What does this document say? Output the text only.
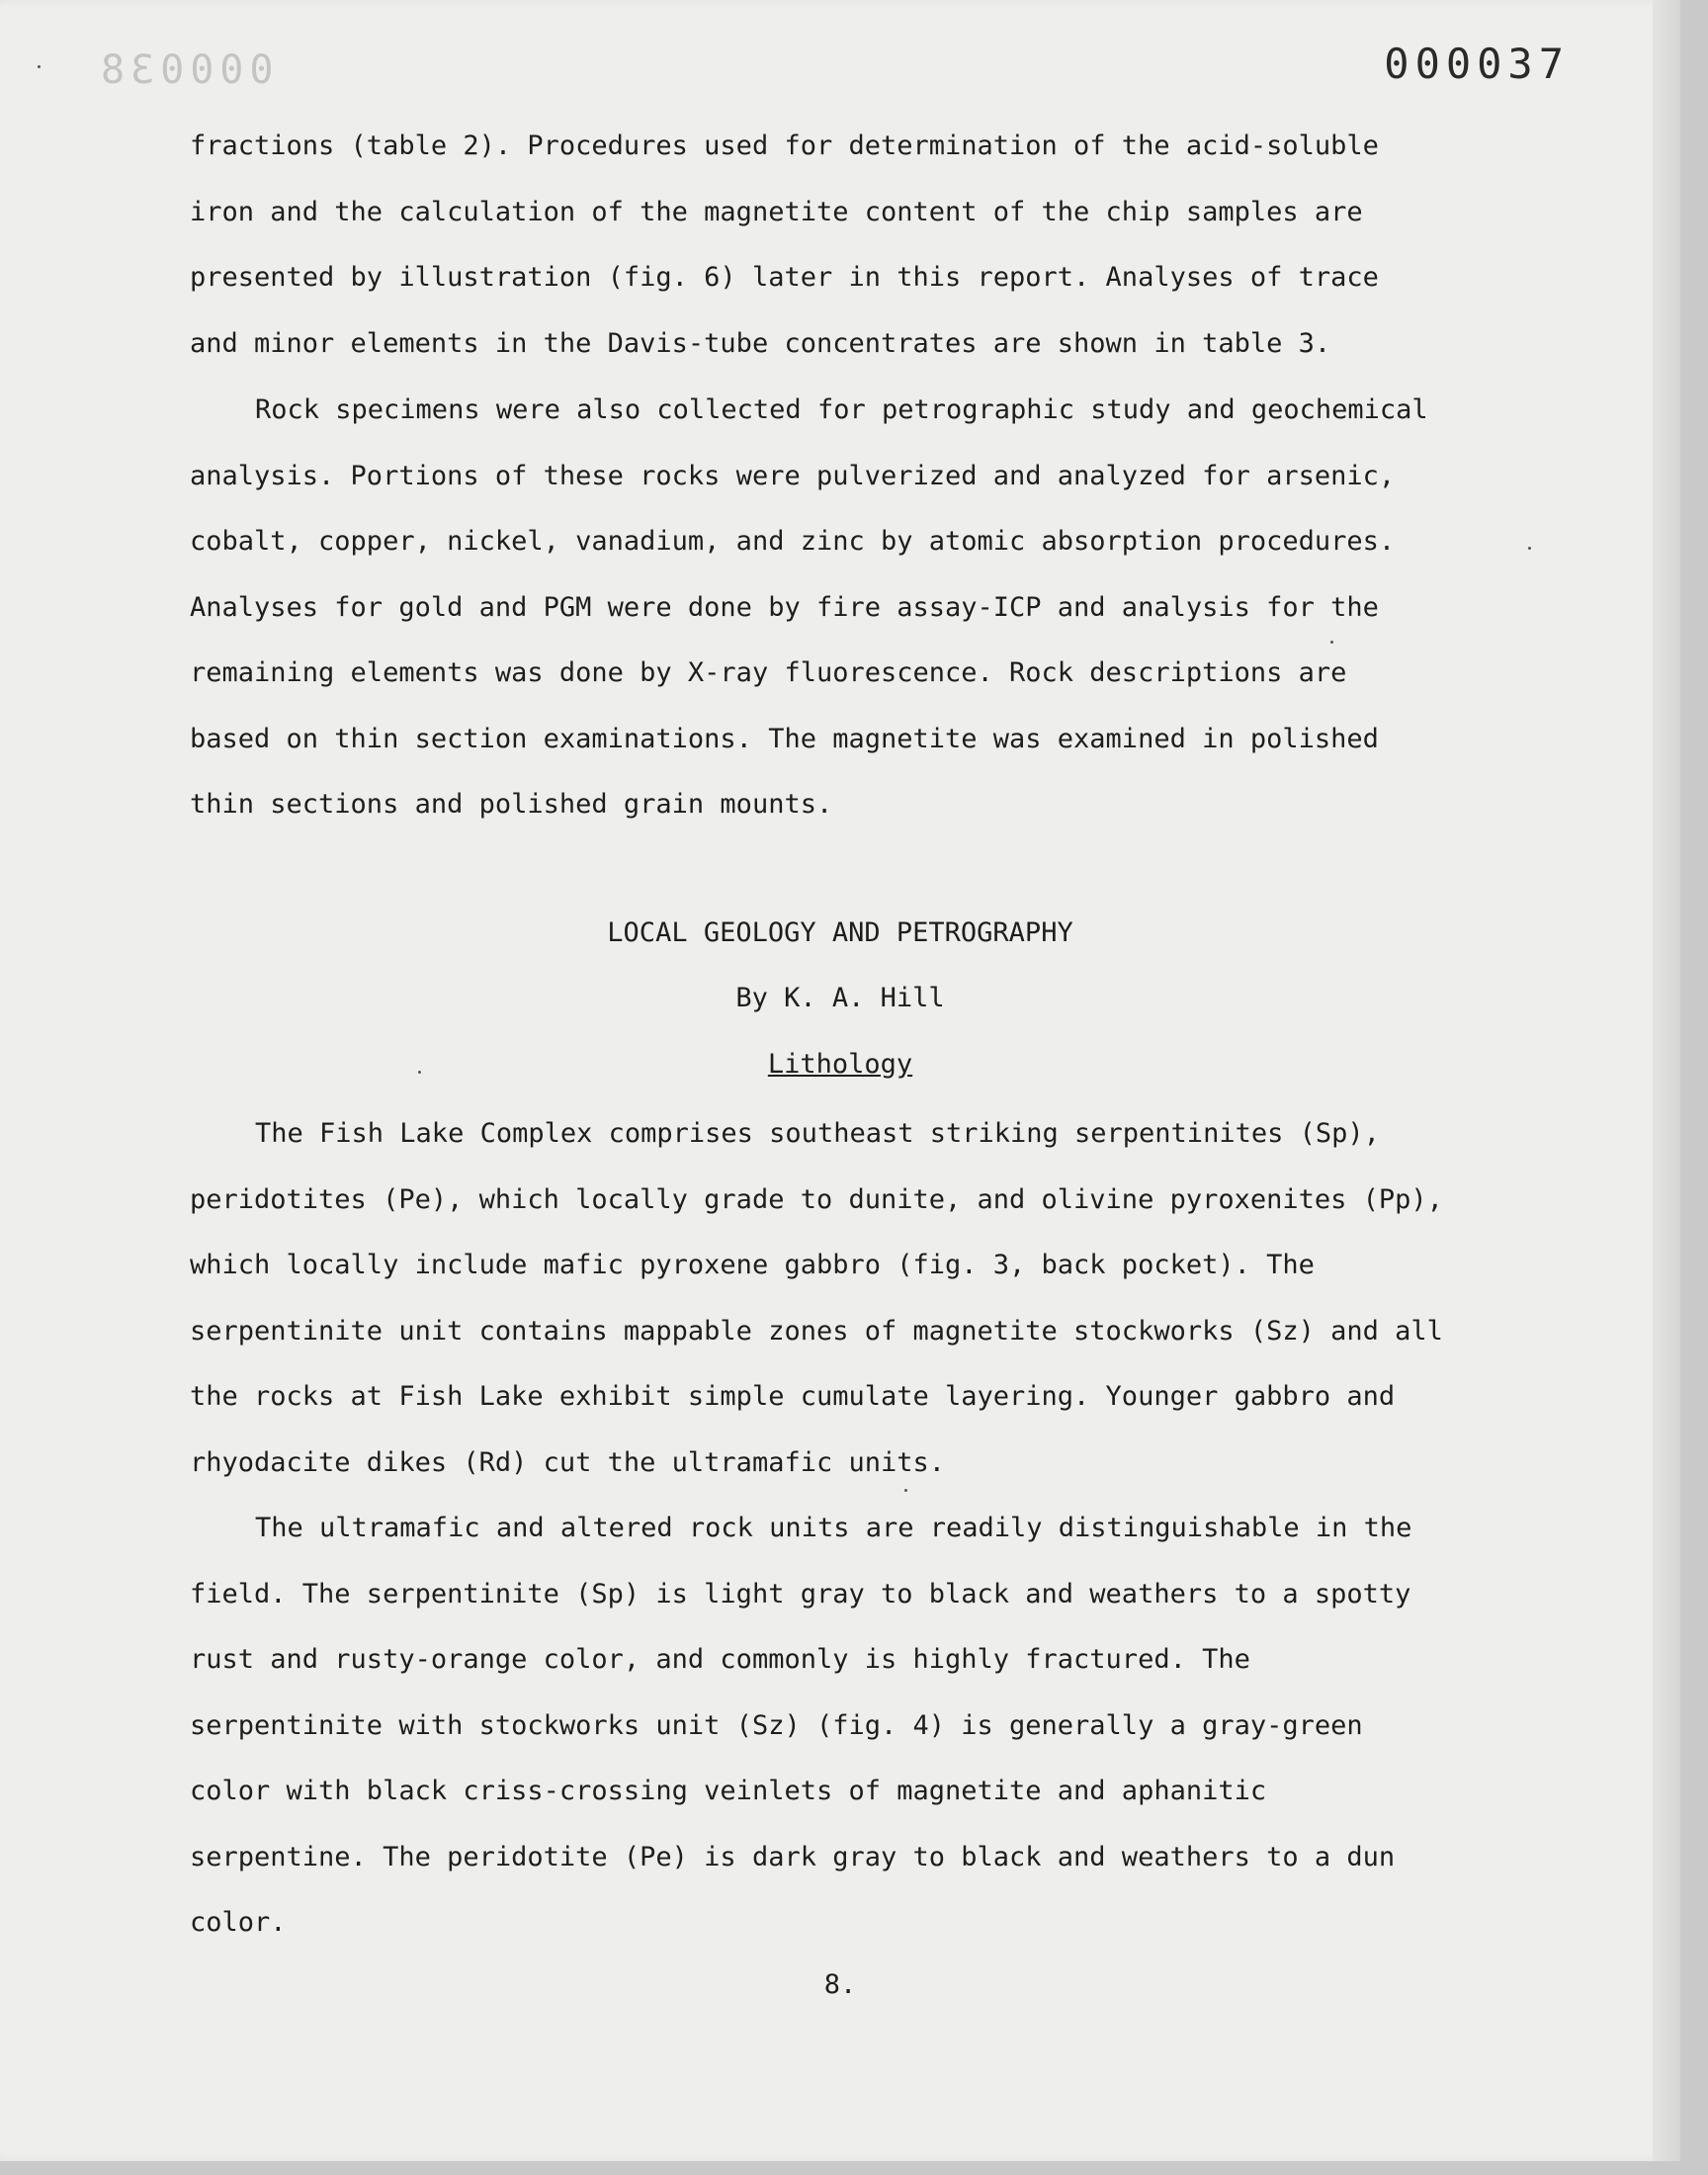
000038	000037
fractions (table 2). Procedures used for determination of the acid-soluble
iron and the calculation of the magnetite content of the chip samples are
presented by illustration (fig. 6) later in this report. Analyses of trace
and minor elements in the Davis-tube concentrates are shown in table 3.
Rock specimens were also collected for petrographic study and geochemical
analysis. Portions of these rocks were pulverized and analyzed for arsenic,
cobalt, copper, nickel, vanadium, and zinc by atomic absorption procedures.
Analyses for gold and PGM were done by fire assay-ICP and analysis for the
remaining elements was done by X-ray fluorescence. Rock descriptions are
based on thin section examinations. The magnetite was examined in polished
thin sections and polished grain mounts.
LOCAL GEOLOGY AND PETROGRAPHY
By K. A. Hill
Lithology
The Fish Lake Complex comprises southeast striking serpentinites (Sp),
peridotites (Pe), which locally grade to dunite, and olivine pyroxenites (Pp),
which locally include mafic pyroxene gabbro (fig. 3, back pocket). The
serpentinite unit contains mappable zones of magnetite stockworks (Sz) and all
the rocks at Fish Lake exhibit simple cumulate layering. Younger gabbro and
rhyodacite dikes (Rd) cut the ultramafic units.
The ultramafic and altered rock units are readily distinguishable in the
field. The serpentinite (Sp) is light gray to black and weathers to a spotty
rust and rusty-orange color, and commonly is highly fractured. The
serpentinite with stockworks unit (Sz) (fig. 4) is generally a gray-green
color with black criss-crossing veinlets of magnetite and aphanitic
serpentine. The peridotite (Pe) is dark gray to black and weathers to a dun
color.
8.
